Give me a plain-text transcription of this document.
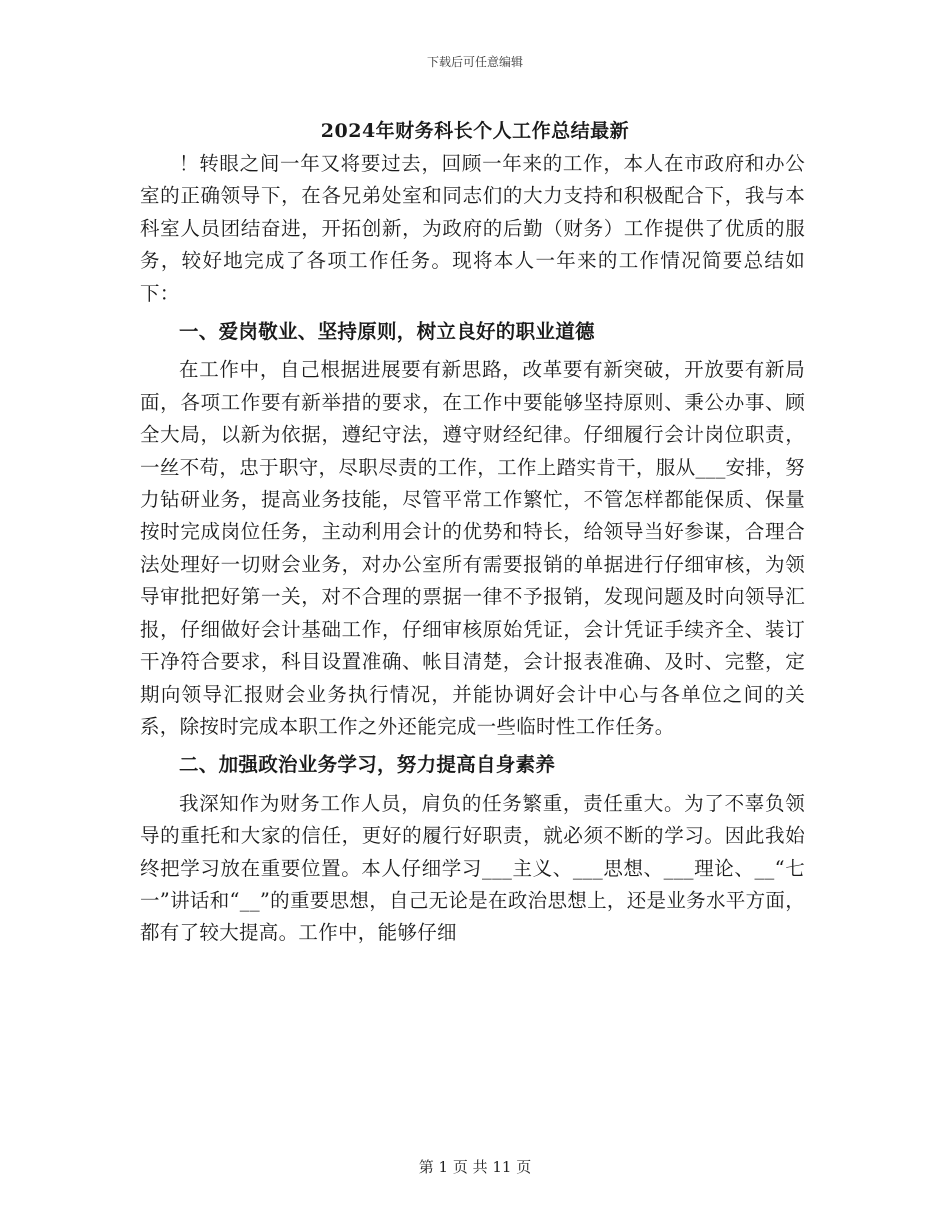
下载后可任意编辑
2024年财务科长个人工作总结最新

！转眼之间一年又将要过去，回顾一年来的工作，本人在市政府和办公室的正确领导下，在各兄弟处室和同志们的大力支持和积极配合下，我与本科室人员团结奋进，开拓创新，为政府的后勤（财务）工作提供了优质的服务，较好地完成了各项工作任务。现将本人一年来的工作情况简要总结如下：

一、爱岗敬业、坚持原则，树立良好的职业道德

在工作中，自己根据进展要有新思路，改革要有新突破，开放要有新局面，各项工作要有新举措的要求，在工作中要能够坚持原则、秉公办事、顾全大局，以新为依据，遵纪守法，遵守财经纪律。仔细履行会计岗位职责，一丝不苟，忠于职守，尽职尽责的工作，工作上踏实肯干，服从___安排，努力钻研业务，提高业务技能，尽管平常工作繁忙，不管怎样都能保质、保量按时完成岗位任务，主动利用会计的优势和特长，给领导当好参谋，合理合法处理好一切财会业务，对办公室所有需要报销的单据进行仔细审核，为领导审批把好第一关，对不合理的票据一律不予报销，发现问题及时向领导汇报，仔细做好会计基础工作，仔细审核原始凭证，会计凭证手续齐全、装订干净符合要求，科目设置准确、帐目清楚，会计报表准确、及时、完整，定期向领导汇报财会业务执行情况，并能协调好会计中心与各单位之间的关系，除按时完成本职工作之外还能完成一些临时性工作任务。

二、加强政治业务学习，努力提高自身素养

我深知作为财务工作人员，肩负的任务繁重，责任重大。为了不辜负领导的重托和大家的信任，更好的履行好职责，就必须不断的学习。因此我始终把学习放在重要位置。本人仔细学习___主义、___思想、___理论、__“七一”讲话和“__”的重要思想，自己无论是在政治思想上，还是业务水平方面，都有了较大提高。工作中，能够仔细

第 1 页 共 11 页
